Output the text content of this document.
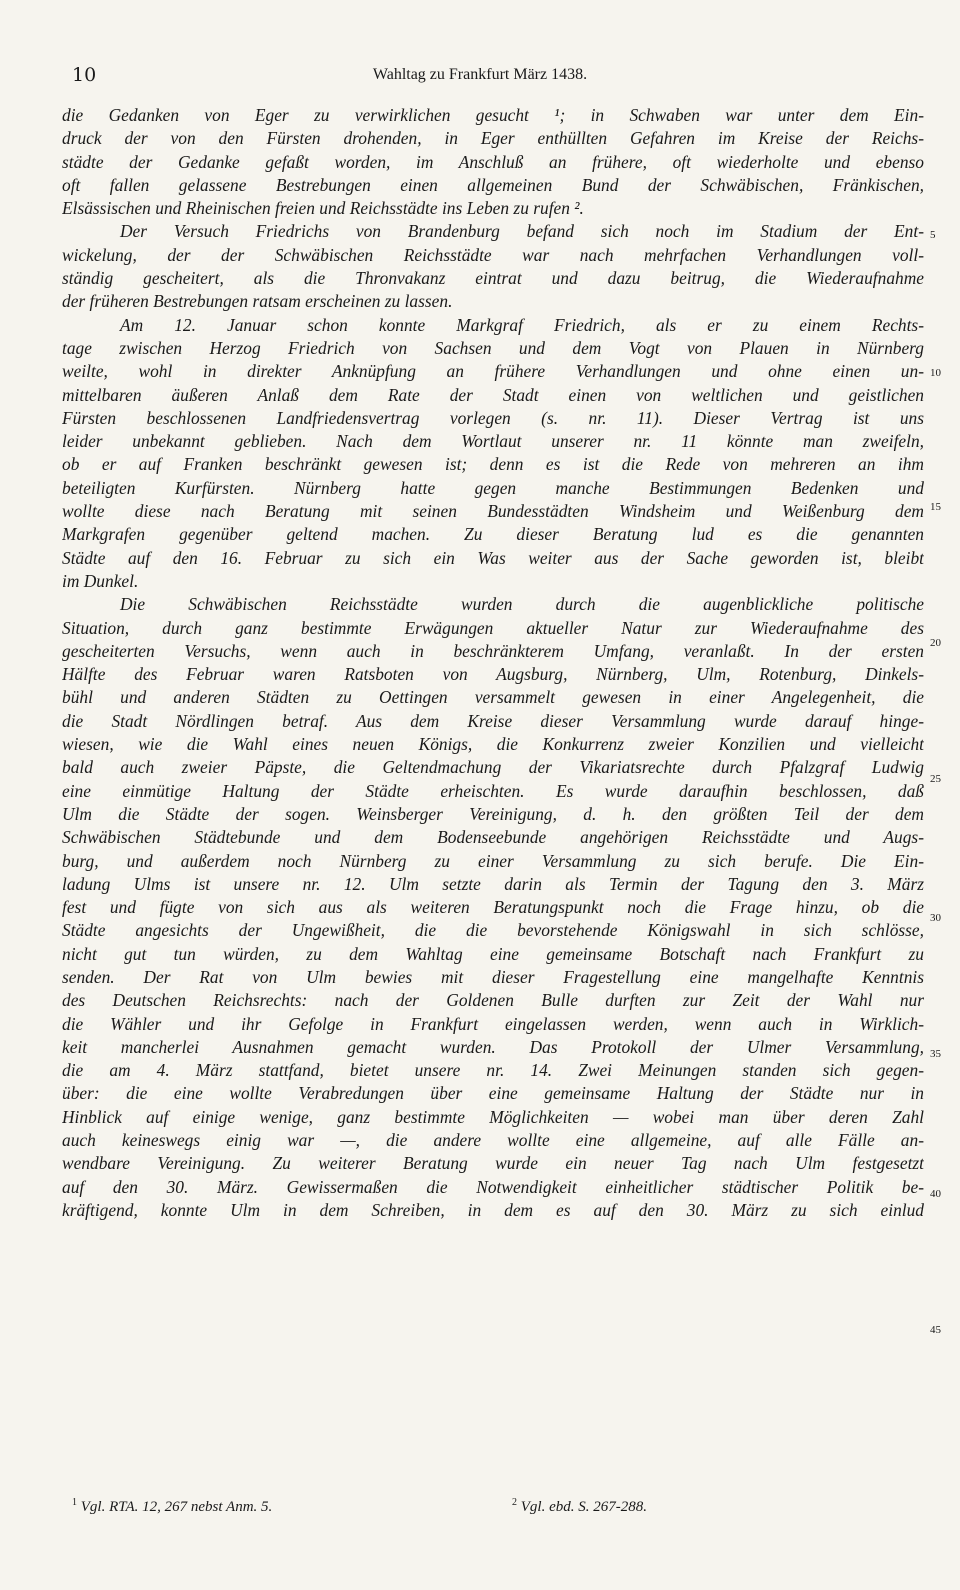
10	Wahltag zu Frankfurt März 1438.
die Gedanken von Eger zu verwirklichen gesucht ¹; in Schwaben war unter dem Ein-
druck der von den Fürsten drohenden, in Eger enthüllten Gefahren im Kreise der Reichs-
städte der Gedanke gefaßt worden, im Anschluß an frühere, oft wiederholte und ebenso
oft fallen gelassene Bestrebungen einen allgemeinen Bund der Schwäbischen, Fränkischen,
Elsässischen und Rheinischen freien und Reichsstädte ins Leben zu rufen ².
Der Versuch Friedrichs von Brandenburg befand sich noch im Stadium der Ent-
wickelung, der der Schwäbischen Reichsstädte war nach mehrfachen Verhandlungen voll-
ständig gescheitert, als die Thronvakanz eintrat und dazu beitrug, die Wiederaufnahme
der früheren Bestrebungen ratsam erscheinen zu lassen.
Am 12. Januar schon konnte Markgraf Friedrich, als er zu einem Rechts-
tage zwischen Herzog Friedrich von Sachsen und dem Vogt von Plauen in Nürnberg
weilte, wohl in direkter Anknüpfung an frühere Verhandlungen und ohne einen un-
mittelbaren äußeren Anlaß dem Rate der Stadt einen von weltlichen und geistlichen
Fürsten beschlossenen Landfriedensvertrag vorlegen (s. nr. 11). Dieser Vertrag ist uns
leider unbekannt geblieben. Nach dem Wortlaut unserer nr. 11 könnte man zweifeln,
ob er auf Franken beschränkt gewesen ist; denn es ist die Rede von mehreren an ihm
beteiligten Kurfürsten. Nürnberg hatte gegen manche Bestimmungen Bedenken und
wollte diese nach Beratung mit seinen Bundesstädten Windsheim und Weißenburg dem
Markgrafen gegenüber geltend machen. Zu dieser Beratung lud es die genannten
Städte auf den 16. Februar zu sich ein Was weiter aus der Sache geworden ist, bleibt
im Dunkel.
Die Schwäbischen Reichsstädte wurden durch die augenblickliche politische
Situation, durch ganz bestimmte Erwägungen aktueller Natur zur Wiederaufnahme des
gescheiterten Versuchs, wenn auch in beschränkterem Umfang, veranlaßt. In der ersten
Hälfte des Februar waren Ratsboten von Augsburg, Nürnberg, Ulm, Rotenburg, Dinkels-
bühl und anderen Städten zu Oettingen versammelt gewesen in einer Angelegenheit, die
die Stadt Nördlingen betraf. Aus dem Kreise dieser Versammlung wurde darauf hinge-
wiesen, wie die Wahl eines neuen Königs, die Konkurrenz zweier Konzilien und vielleicht
bald auch zweier Päpste, die Geltendmachung der Vikariatsrechte durch Pfalzgraf Ludwig
eine einmütige Haltung der Städte erheischten. Es wurde daraufhin beschlossen, daß
Ulm die Städte der sogen. Weinsberger Vereinigung, d. h. den größten Teil der dem
Schwäbischen Städtebunde und dem Bodenseebunde angehörigen Reichsstädte und Augs-
burg, und außerdem noch Nürnberg zu einer Versammlung zu sich berufe. Die Ein-
ladung Ulms ist unsere nr. 12. Ulm setzte darin als Termin der Tagung den 3. März
fest und fügte von sich aus als weiteren Beratungspunkt noch die Frage hinzu, ob die
Städte angesichts der Ungewißheit, die die bevorstehende Königswahl in sich schlösse,
nicht gut tun würden, zu dem Wahltag eine gemeinsame Botschaft nach Frankfurt zu
senden. Der Rat von Ulm bewies mit dieser Fragestellung eine mangelhafte Kenntnis
des Deutschen Reichsrechts: nach der Goldenen Bulle durften zur Zeit der Wahl nur
die Wähler und ihr Gefolge in Frankfurt eingelassen werden, wenn auch in Wirklich-
keit mancherlei Ausnahmen gemacht wurden. Das Protokoll der Ulmer Versammlung,
die am 4. März stattfand, bietet unsere nr. 14. Zwei Meinungen standen sich gegen-
über: die eine wollte Verabredungen über eine gemeinsame Haltung der Städte nur in
Hinblick auf einige wenige, ganz bestimmte Möglichkeiten — wobei man über deren Zahl
auch keineswegs einig war —, die andere wollte eine allgemeine, auf alle Fälle an-
wendbare Vereinigung. Zu weiterer Beratung wurde ein neuer Tag nach Ulm festgesetzt
auf den 30. März. Gewissermaßen die Notwendigkeit einheitlicher städtischer Politik be-
kräftigend, konnte Ulm in dem Schreiben, in dem es auf den 30. März zu sich einlud
5
10
15
20
25
30
35
40
45
$^1$ Vgl. RTA. 12, 267 nebst Anm. 5.	$^2$ Vgl. ebd. S. 267-288.
